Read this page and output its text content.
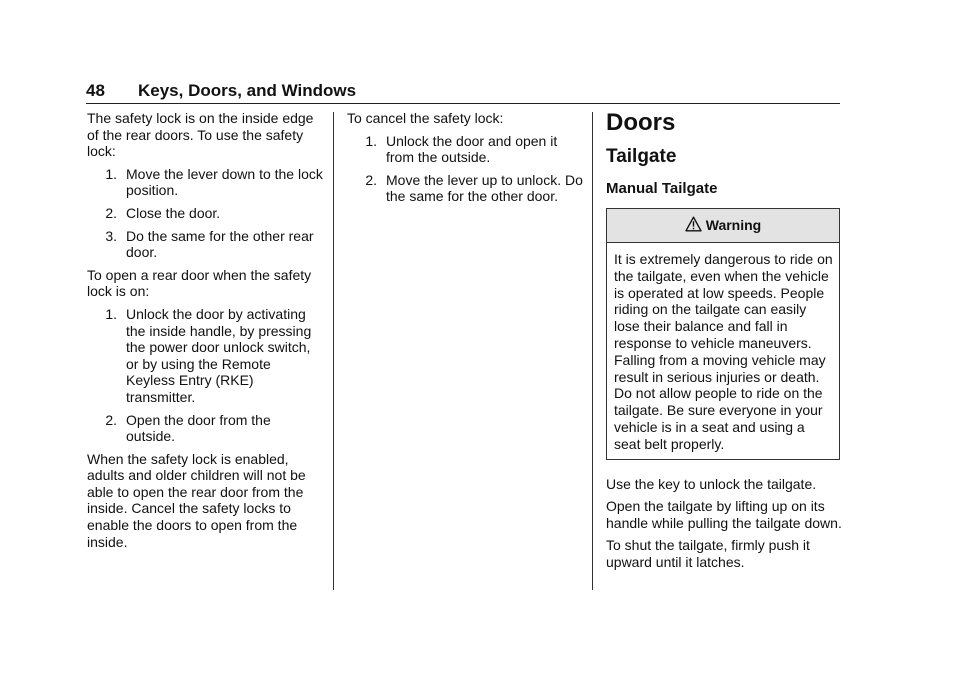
48 Keys, Doors, and Windows

The safety lock is on the inside edge of the rear doors. To use the safety lock:

1. Move the lever down to the lock position.
2. Close the door.
3. Do the same for the other rear door.

To open a rear door when the safety lock is on:

1. Unlock the door by activating the inside handle, by pressing the power door unlock switch, or by using the Remote Keyless Entry (RKE) transmitter.
2. Open the door from the outside.

When the safety lock is enabled, adults and older children will not be able to open the rear door from the inside. Cancel the safety locks to enable the doors to open from the inside.

To cancel the safety lock:

1. Unlock the door and open it from the outside.
2. Move the lever up to unlock. Do the same for the other door.
Doors
Tailgate
Manual Tailgate
Warning
It is extremely dangerous to ride on the tailgate, even when the vehicle is operated at low speeds. People riding on the tailgate can easily lose their balance and fall in response to vehicle maneuvers. Falling from a moving vehicle may result in serious injuries or death. Do not allow people to ride on the tailgate. Be sure everyone in your vehicle is in a seat and using a seat belt properly.

Use the key to unlock the tailgate.

Open the tailgate by lifting up on its handle while pulling the tailgate down.

To shut the tailgate, firmly push it upward until it latches.
